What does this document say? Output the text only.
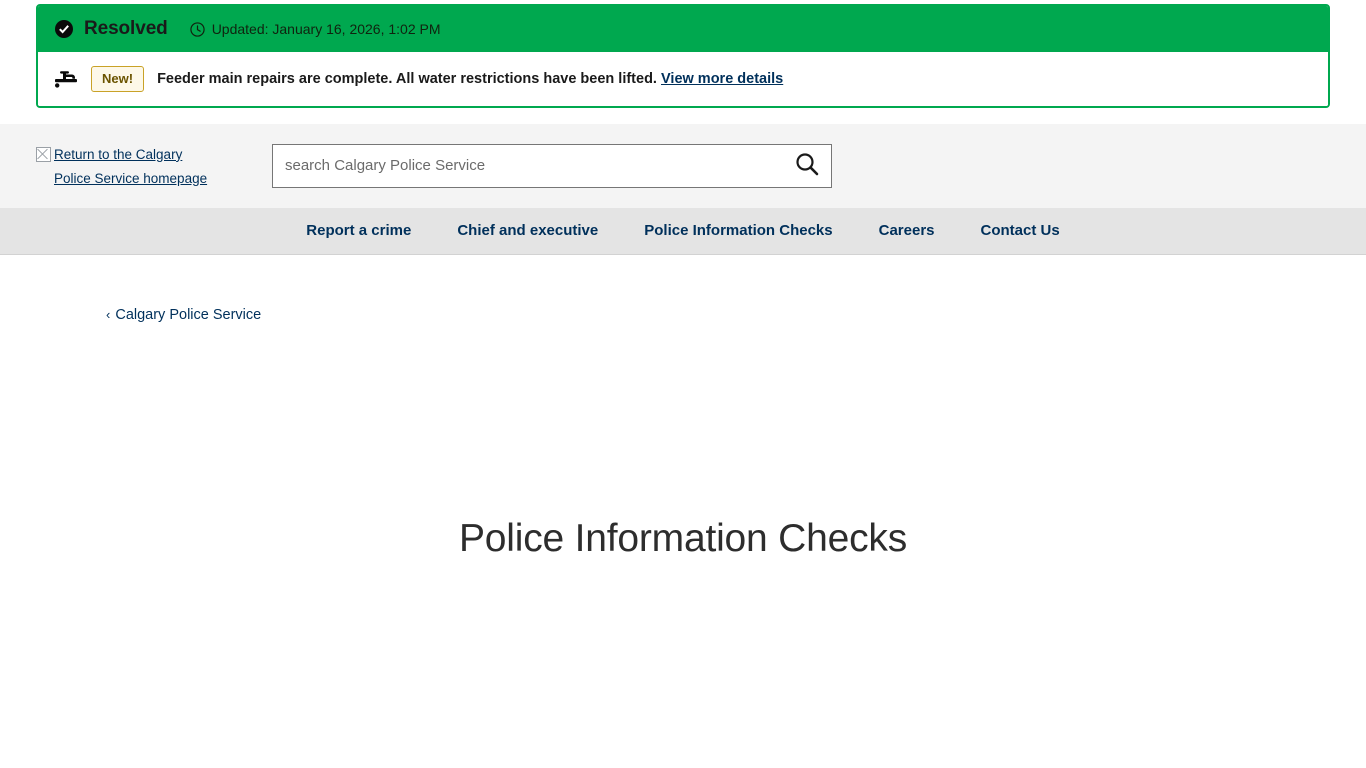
Resolved	Updated: January 16, 2026, 1:02 PM
New!	Feeder main repairs are complete. All water restrictions have been lifted. View more details
Return to the Calgary Police Service homepage
search Calgary Police Service
Report a crime	Chief and executive	Police Information Checks	Careers	Contact Us
‹ Calgary Police Service
Police Information Checks
